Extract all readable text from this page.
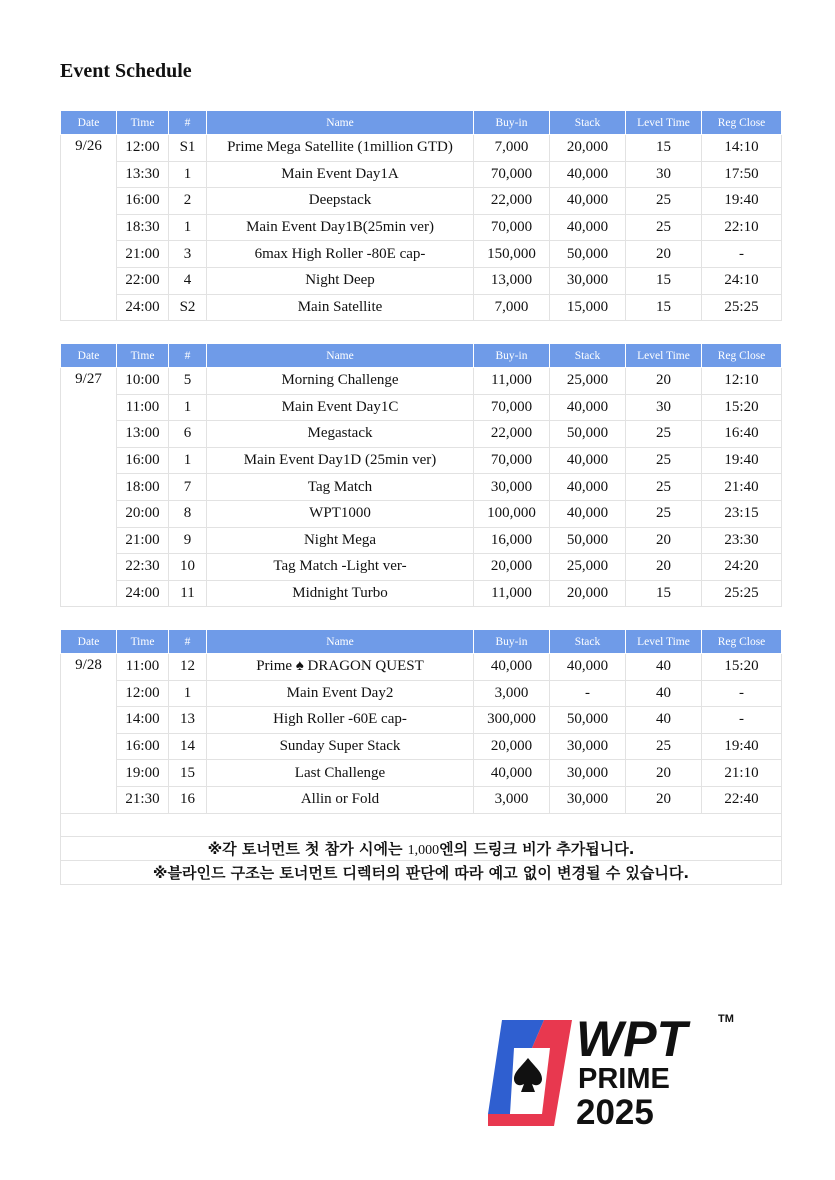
Event Schedule
Date	Time	#	Name	Buy-in	Stack	Level Time	Reg Close
9/26	12:00	S1	Prime Mega Satellite (1million GTD)	7,000	20,000	15	14:10
	13:30	1	Main Event Day1A	70,000	40,000	30	17:50
	16:00	2	Deepstack	22,000	40,000	25	19:40
	18:30	1	Main Event Day1B(25min ver)	70,000	40,000	25	22:10
	21:00	3	6max High Roller -80E cap-	150,000	50,000	20	-
	22:00	4	Night Deep	13,000	30,000	15	24:10
	24:00	S2	Main Satellite	7,000	15,000	15	25:25
Date	Time	#	Name	Buy-in	Stack	Level Time	Reg Close
9/27	10:00	5	Morning Challenge	11,000	25,000	20	12:10
	11:00	1	Main Event Day1C	70,000	40,000	30	15:20
	13:00	6	Megastack	22,000	50,000	25	16:40
	16:00	1	Main Event Day1D (25min ver)	70,000	40,000	25	19:40
	18:00	7	Tag Match	30,000	40,000	25	21:40
	20:00	8	WPT1000	100,000	40,000	25	23:15
	21:00	9	Night Mega	16,000	50,000	20	23:30
	22:30	10	Tag Match -Light ver-	20,000	25,000	20	24:20
	24:00	11	Midnight Turbo	11,000	20,000	15	25:25
Date	Time	#	Name	Buy-in	Stack	Level Time	Reg Close
9/28	11:00	12	Prime ♠ DRAGON QUEST	40,000	40,000	40	15:20
	12:00	1	Main Event Day2	3,000	-	40	-
	14:00	13	High Roller -60E cap-	300,000	50,000	40	-
	16:00	14	Sunday Super Stack	20,000	30,000	25	19:40
	19:00	15	Last Challenge	40,000	30,000	20	21:10
	21:30	16	Allin or Fold	3,000	30,000	20	22:40

※각 토너먼트 첫 참가 시에는 1,000엔의 드링크 비가 추가됩니다.							
※블라인드 구조는 토너먼트 디렉터의 판단에 따라 예고 없이 변경될 수 있습니다.							
WPT	TM
PRIME
2025
